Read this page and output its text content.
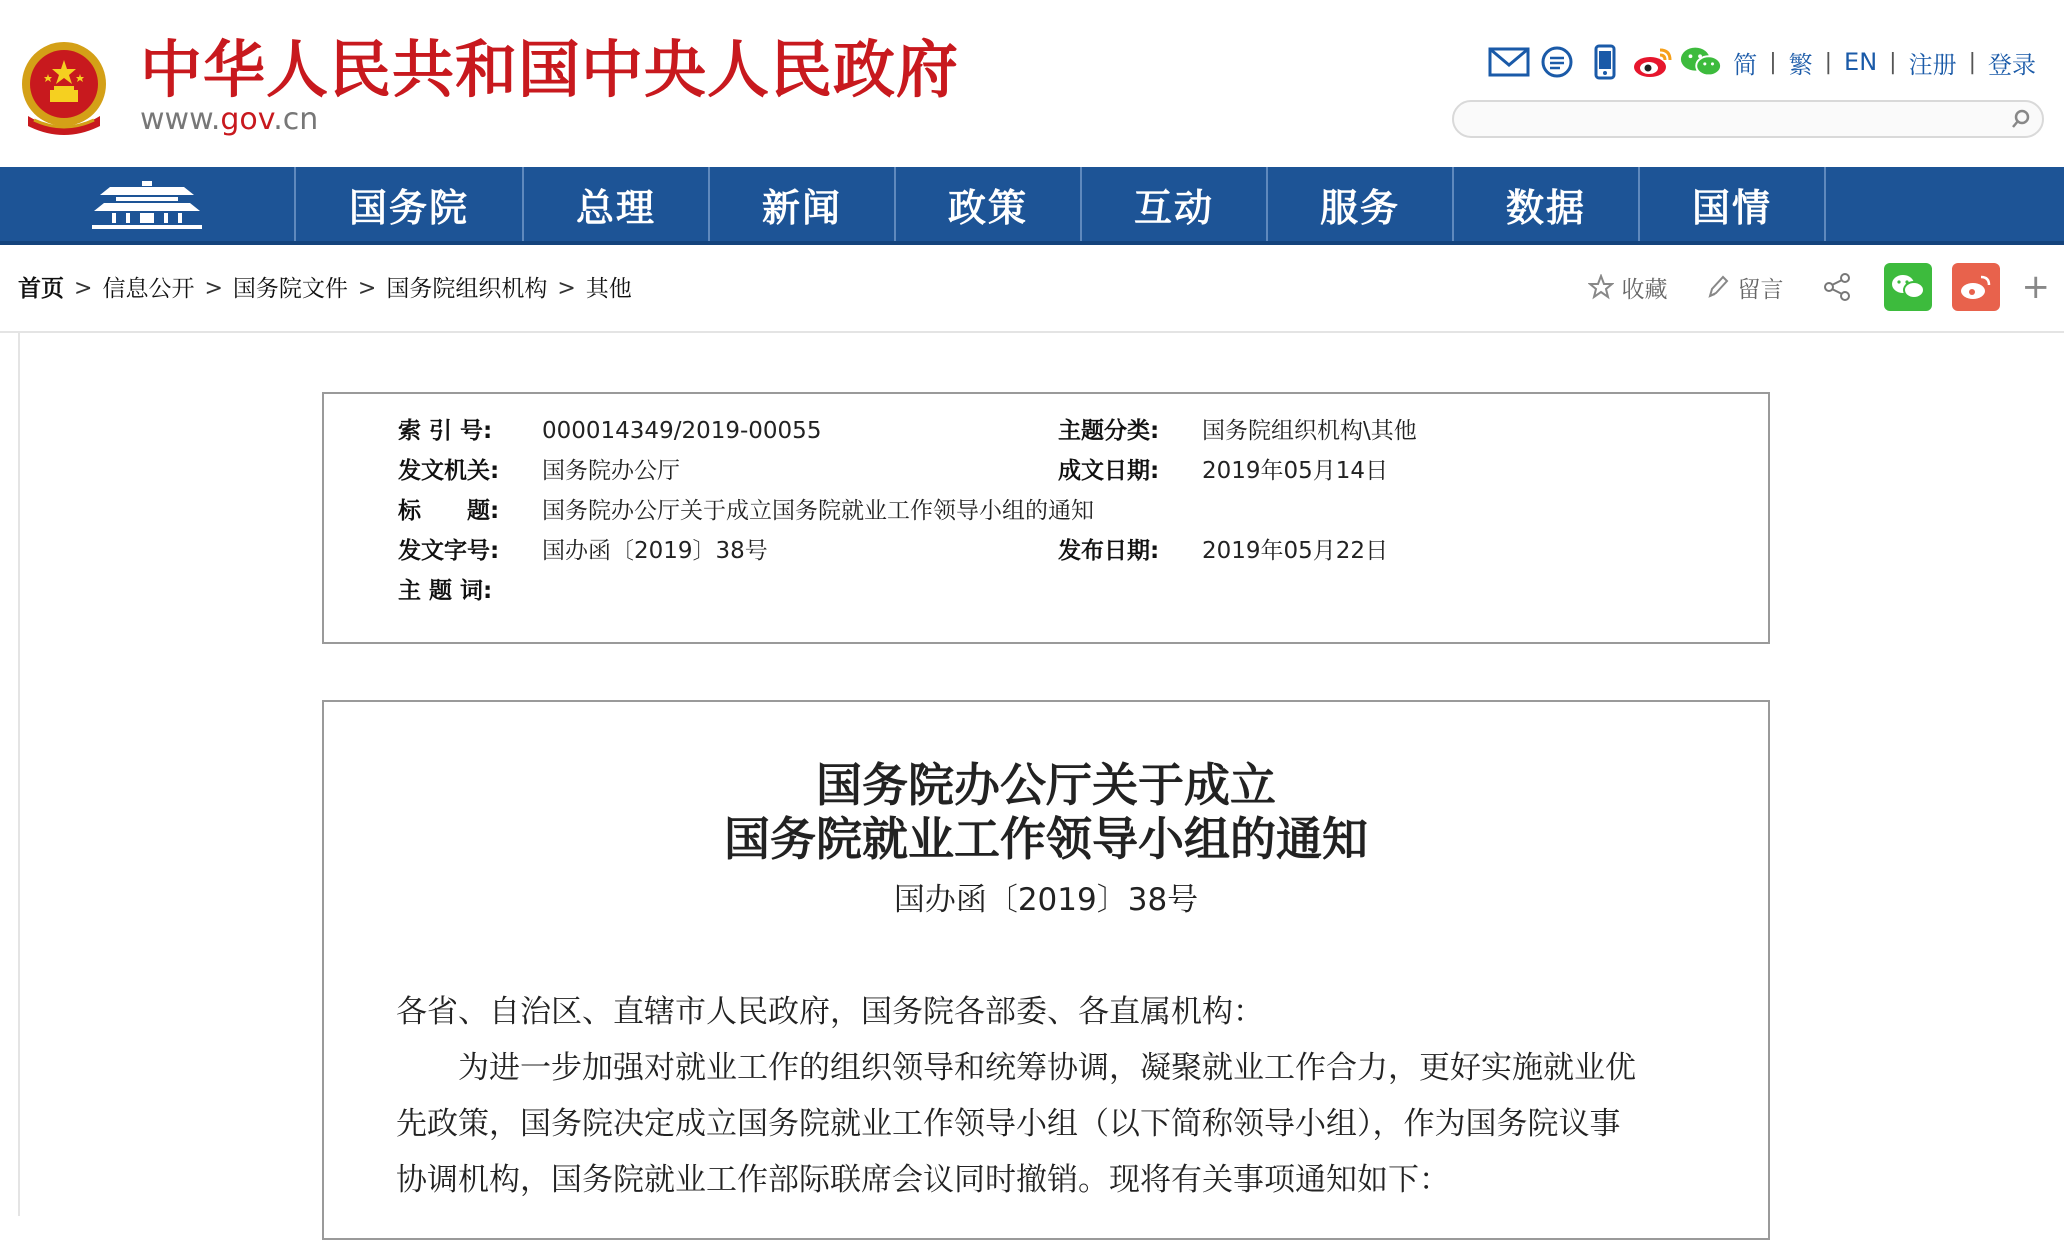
中华人民共和国中央人民政府
www.gov.cn
简 | 繁 | EN | 注册 | 登录
国务院	总理	新闻	政策	互动	服务	数据	国情
首页 > 信息公开 > 国务院文件 > 国务院组织机构 > 其他	收藏	留言	+
索 引 号: 000014349/2019-00055	主题分类: 国务院组织机构\其他
发文机关: 国务院办公厅	成文日期: 2019年05月14日
标　　题: 国务院办公厅关于成立国务院就业工作领导小组的通知
发文字号: 国办函〔2019〕38号	发布日期: 2019年05月22日
主 题 词:
国务院办公厅关于成立
国务院就业工作领导小组的通知
国办函〔2019〕38号
各省、自治区、直辖市人民政府，国务院各部委、各直属机构：
为进一步加强对就业工作的组织领导和统筹协调，凝聚就业工作合力，更好实施就业优
先政策，国务院决定成立国务院就业工作领导小组（以下简称领导小组），作为国务院议事
协调机构，国务院就业工作部际联席会议同时撤销。现将有关事项通知如下：
